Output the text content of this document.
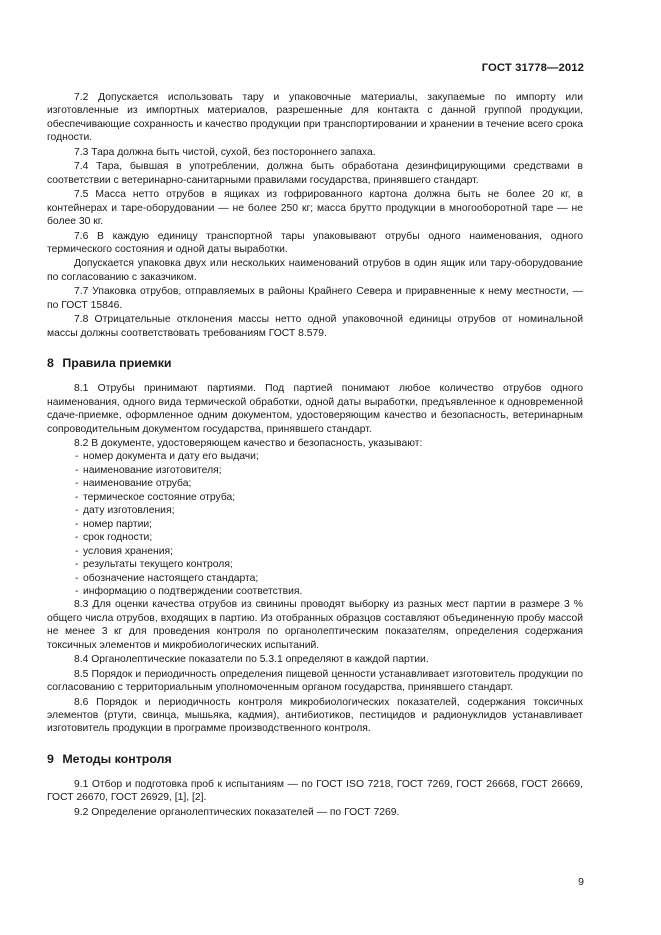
ГОСТ 31778—2012

7.2 Допускается использовать тару и упаковочные материалы, закупаемые по импорту или изготовленные из импортных материалов, разрешенные для контакта с данной группой продукции, обеспечивающие сохранность и качество продукции при транспортировании и хранении в течение всего срока годности.

7.3 Тара должна быть чистой, сухой, без постороннего запаха.

7.4 Тара, бывшая в употреблении, должна быть обработана дезинфицирующими средствами в соответствии с ветеринарно-санитарными правилами государства, принявшего стандарт.

7.5 Масса нетто отрубов в ящиках из гофрированного картона должна быть не более 20 кг, в контейнерах и таре-оборудовании — не более 250 кг; масса брутто продукции в многооборотной таре — не более 30 кг.

7.6 В каждую единицу транспортной тары упаковывают отрубы одного наименования, одного термического состояния и одной даты выработки.

Допускается упаковка двух или нескольких наименований отрубов в один ящик или тару-оборудование по согласованию с заказчиком.

7.7 Упаковка отрубов, отправляемых в районы Крайнего Севера и приравненные к нему местности, — по ГОСТ 15846.

7.8 Отрицательные отклонения массы нетто одной упаковочной единицы отрубов от номинальной массы должны соответствовать требованиям ГОСТ 8.579.

8 Правила приемки

8.1 Отрубы принимают партиями. Под партией понимают любое количество отрубов одного наименования, одного вида термической обработки, одной даты выработки, предъявленное к одновременной сдаче-приемке, оформленное одним документом, удостоверяющим качество и безопасность, ветеринарным сопроводительным документом государства, принявшего стандарт.

8.2 В документе, удостоверяющем качество и безопасность, указывают:

- номер документа и дату его выдачи;
- наименование изготовителя;
- наименование отруба;
- термическое состояние отруба;
- дату изготовления;
- номер партии;
- срок годности;
- условия хранения;
- результаты текущего контроля;
- обозначение настоящего стандарта;
- информацию о подтверждении соответствия.

8.3 Для оценки качества отрубов из свинины проводят выборку из разных мест партии в размере 3 % общего числа отрубов, входящих в партию. Из отобранных образцов составляют объединенную пробу массой не менее 3 кг для проведения контроля по органолептическим показателям, определения содержания токсичных элементов и микробиологических испытаний.

8.4 Органолептические показатели по 5.3.1 определяют в каждой партии.

8.5 Порядок и периодичность определения пищевой ценности устанавливает изготовитель продукции по согласованию с территориальным уполномоченным органом государства, принявшего стандарт.

8.6 Порядок и периодичность контроля микробиологических показателей, содержания токсичных элементов (ртути, свинца, мышьяка, кадмия), антибиотиков, пестицидов и радионуклидов устанавливает изготовитель продукции в программе производственного контроля.

9 Методы контроля

9.1 Отбор и подготовка проб к испытаниям — по ГОСТ ISO 7218, ГОСТ 7269, ГОСТ 26668, ГОСТ 26669, ГОСТ 26670, ГОСТ 26929, [1], [2].

9.2 Определение органолептических показателей — по ГОСТ 7269.

9
